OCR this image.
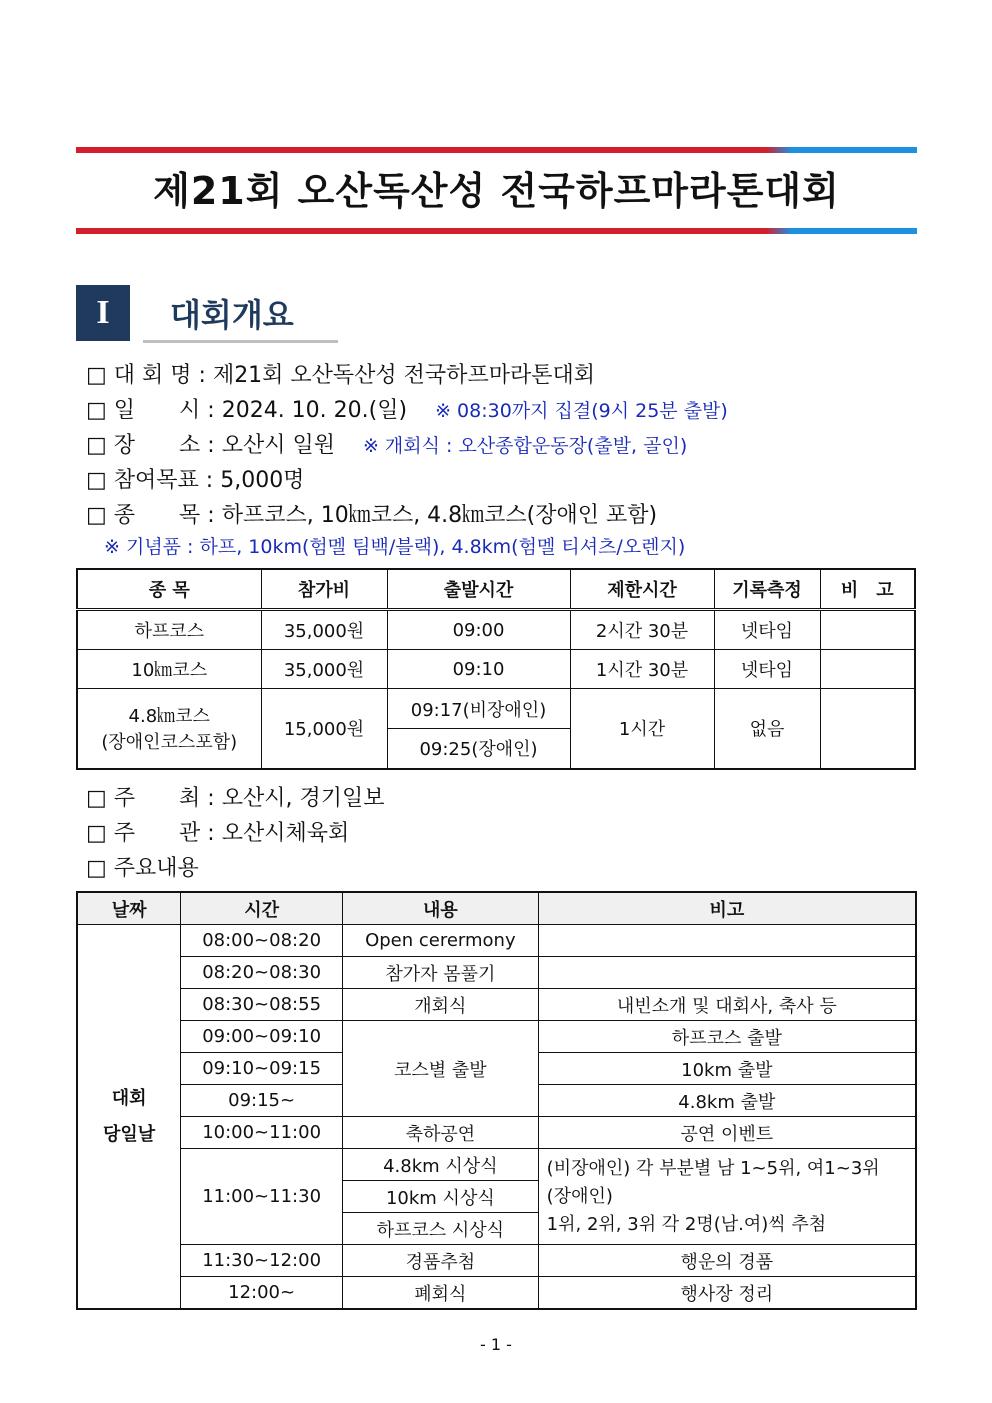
제21회 오산독산성 전국하프마라톤대회
I	대회개요
□ 대 회 명 : 제21회 오산독산성 전국하프마라톤대회
□ 일　　시 : 2024. 10. 20.(일) ※ 08:30까지 집결(9시 25분 출발)
□ 장　　소 : 오산시 일원 ※ 개회식 : 오산종합운동장(출발, 골인)
□ 참여목표 : 5,000명
□ 종　　목 : 하프코스, 10㎞코스, 4.8㎞코스(장애인 포함)
※ 기념품 : 하프, 10km(험멜 팀백/블랙), 4.8km(험멜 티셔츠/오렌지)
종 목	참가비	출발시간	제한시간	기록측정	비　고
하프코스	35,000원	09:00	2시간 30분	넷타임	
10㎞코스	35,000원	09:10	1시간 30분	넷타임	

4.8㎞코스
(장애인코스포함)	15,000원	09:17(비장애인)	1시간	없음	
		09:25(장애인)			
□ 주　　최 : 오산시, 경기일보
□ 주　　관 : 오산시체육회
□ 주요내용
날짜	시간	내용	비고

대회
당일날	08:00~08:20	Open cerermony	
	08:20~08:30	참가자 몸풀기	
	08:30~08:55	개회식	내빈소개 및 대회사, 축사 등
	09:00~09:10	코스별 출발	하프코스 출발
	09:10~09:15		10km 출발
	09:15~		4.8km 출발
	10:00~11:00	축하공연	공연 이벤트
	11:00~11:30	4.8km 시상식	(비장애인) 각 부분별 남 1~5위, 여1~3위
(장애인)
1위, 2위, 3위 각 2명(남.여)씩 추첨

		10km 시상식	
		하프코스 시상식	
	11:30~12:00	경품추첨	행운의 경품
	12:00~	폐회식	행사장 정리
- 1 -
